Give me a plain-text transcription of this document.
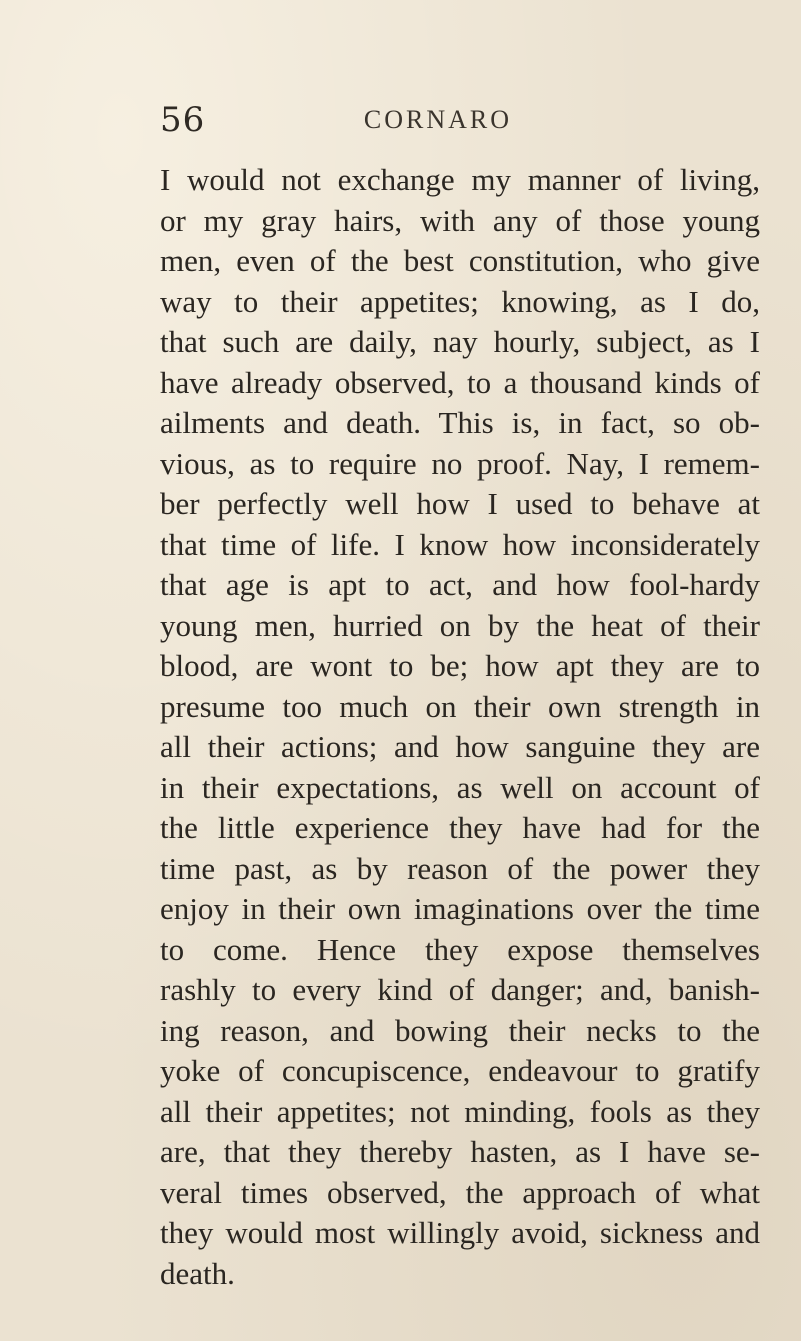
56	CORNARO
I would not exchange my manner of living,
or my gray hairs, with any of those young
men, even of the best constitution, who give
way to their appetites; knowing, as I do,
that such are daily, nay hourly, subject, as I
have already observed, to a thousand kinds of
ailments and death. This is, in fact, so ob-
vious, as to require no proof. Nay, I remem-
ber perfectly well how I used to behave at
that time of life. I know how inconsiderately
that age is apt to act, and how fool-hardy
young men, hurried on by the heat of their
blood, are wont to be; how apt they are to
presume too much on their own strength in
all their actions; and how sanguine they are
in their expectations, as well on account of
the little experience they have had for the
time past, as by reason of the power they
enjoy in their own imaginations over the time
to come. Hence they expose themselves
rashly to every kind of danger; and, banish-
ing reason, and bowing their necks to the
yoke of concupiscence, endeavour to gratify
all their appetites; not minding, fools as they
are, that they thereby hasten, as I have se-
veral times observed, the approach of what
they would most willingly avoid, sickness and
death.
